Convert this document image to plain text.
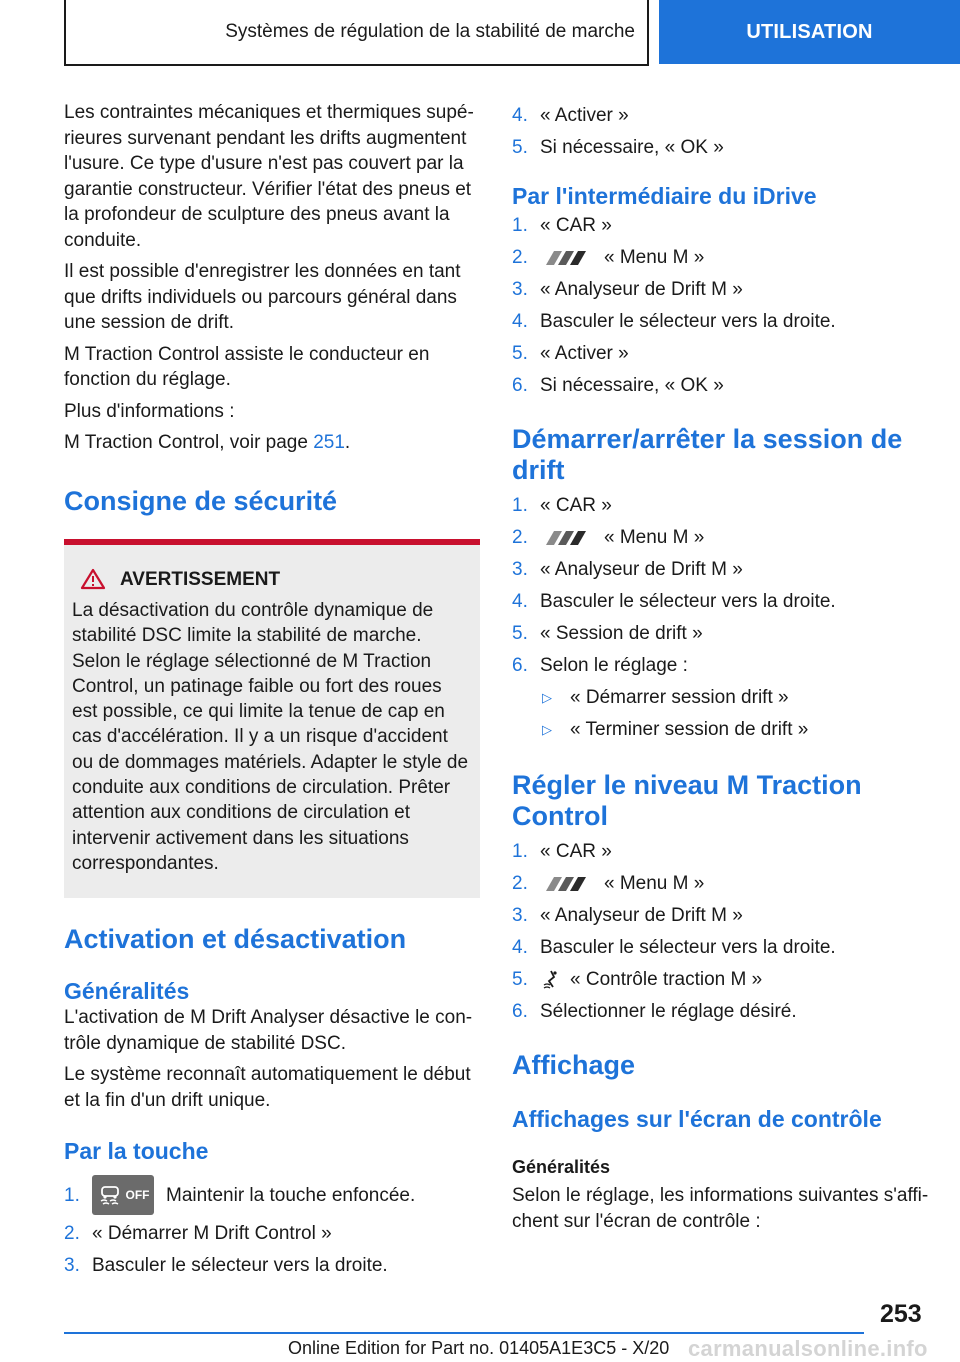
Systèmes de régulation de la stabilité de marche	UTILISATION

Les contraintes mécaniques et thermiques supérieures survenant pendant les drifts augmentent l'usure. Ce type d'usure n'est pas couvert par la garantie constructeur. Vérifier l'état des pneus et la profondeur de sculpture des pneus avant la conduite.

Il est possible d'enregistrer les données en tant que drifts individuels ou parcours général dans une session de drift.

M Traction Control assiste le conducteur en fonction du réglage.

Plus d'informations :

M Traction Control, voir page 251.

Consigne de sécurité
AVERTISSEMENT
La désactivation du contrôle dynamique de stabilité DSC limite la stabilité de marche. Selon le réglage sélectionné de M Traction Control, un patinage faible ou fort des roues est possible, ce qui limite la tenue de cap en cas d'accélération. Il y a un risque d'accident ou de dommages matériels. Adapter le style de conduite aux conditions de circulation. Prêter attention aux conditions de circulation et intervenir activement dans les situations correspondantes.
Activation et désactivation
Généralités

L'activation de M Drift Analyser désactive le contrôle dynamique de stabilité DSC.

Le système reconnaît automatiquement le début et la fin d'un drift unique.

Par la touche
1.	OFF Maintenir la touche enfoncée.
2. « Démarrer M Drift Control »
3. Basculer le sélecteur vers la droite.
4. « Activer »
5. Si nécessaire, « OK »
Par l'intermédiaire du iDrive
1. « CAR »
2.	« Menu M »
3. « Analyseur de Drift M »
4. Basculer le sélecteur vers la droite.
5. « Activer »
6. Si nécessaire, « OK »
Démarrer/arrêter la session de drift
1. « CAR »
2.	« Menu M »
3. « Analyseur de Drift M »
4. Basculer le sélecteur vers la droite.
5. « Session de drift »
6. Selon le réglage :
▷ « Démarrer session drift »
▷ « Terminer session de drift »
Régler le niveau M Traction Control
1. « CAR »
2.	« Menu M »
3. « Analyseur de Drift M »
4. Basculer le sélecteur vers la droite.
5.	« Contrôle traction M »
6. Sélectionner le réglage désiré.
Affichage
Affichages sur l'écran de contrôle
Généralités

Selon le réglage, les informations suivantes s'affichent sur l'écran de contrôle :

253
Online Edition for Part no. 01405A1E3C5 - X/20 carmanualsonline.info
